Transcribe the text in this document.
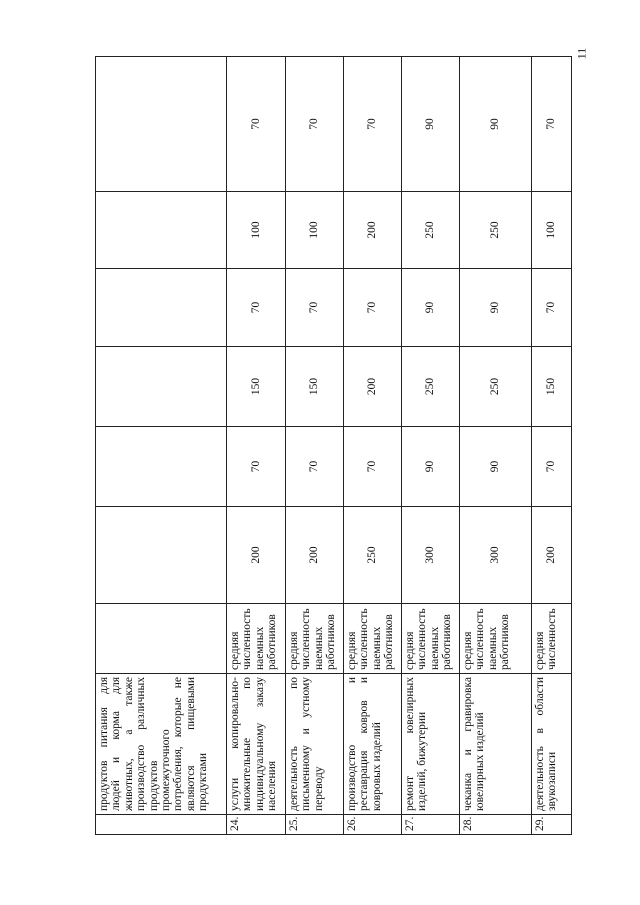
	продуктов питания для людей и корма для животных, а также производство различных продуктов промежуточного потребления, которые не являются пищевыми продуктами							
24.	услуги копировально-множительные по индивидуальному заказу населения	средняя численность наемных работников	200	70	150	70	100	70
25.	деятельность по письменному и устному переводу	средняя численность наемных работников	200	70	150	70	100	70
26.	производство и реставрация ковров и ковровых изделий	средняя численность наемных работников	250	70	200	70	200	70
27.	ремонт ювелирных изделий, бижутерии	средняя численность наемных работников	300	90	250	90	250	90
28.	чеканка и гравировка ювелирных изделий	средняя численность наемных работников	300	90	250	90	250	90
29.	деятельность в области звукозаписи	средняя численность	200	70	150	70	100	70
11
